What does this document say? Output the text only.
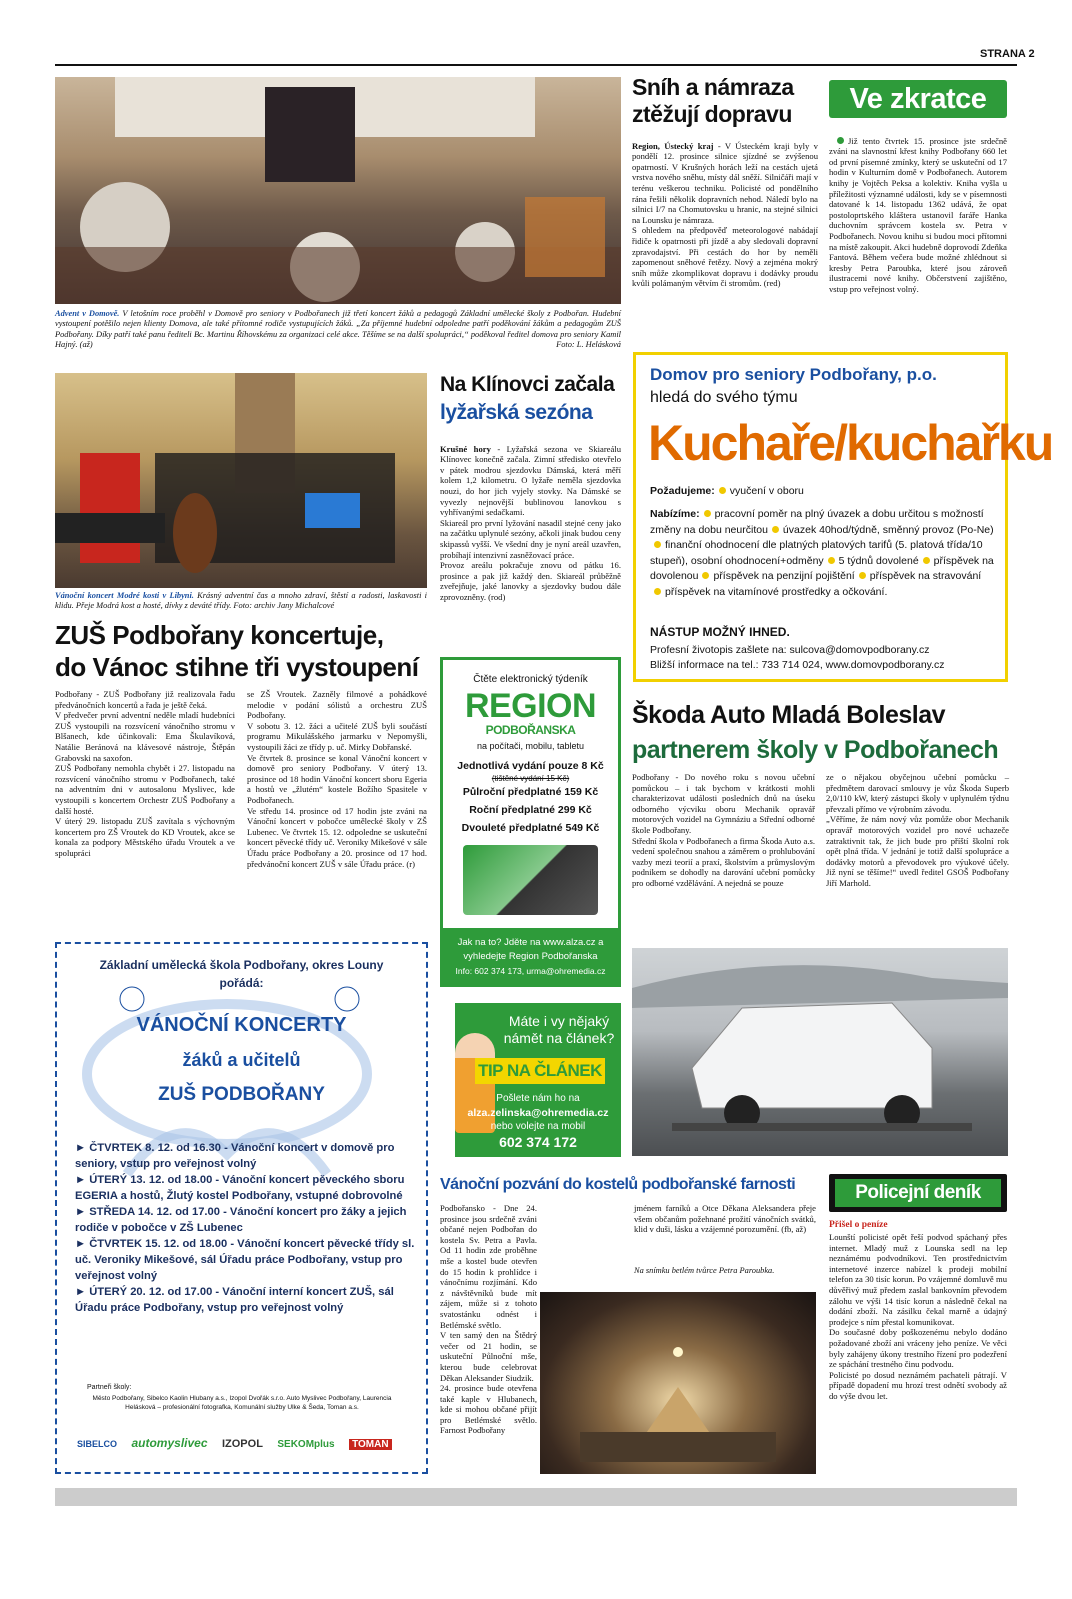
STRANA 2
Advent v Domově. V letošním roce proběhl v Domově pro seniory v Podbořanech již třetí koncert žáků a pedagogů Základní umělecké školy z Podbořan. Hudební vystoupení potěšilo nejen klienty Domova, ale také přítomné rodiče vystupujících žáků. „Za příjemné hudební odpoledne patří poděkování žákům a pedagogům ZUŠ Podbořany. Díky patří také panu řediteli Bc. Martinu Říhovskému za organizaci celé akce. Těšíme se na další spolupráci,“ poděkoval ředitel domova pro seniory Kamil Hajný. (až)	Foto: L. Helásková
Sníh a námraza ztěžují dopravu

Region, Ústecký kraj - V Ústeckém kraji byly v pondělí 12. prosince silnice sjízdné se zvýšenou opatrností. V Krušných horách leží na cestách ujetá vrstva nového sněhu, místy dál sněží. Silničáři mají v terénu veškerou techniku. Policisté od pondělního rána řešili několik dopravních nehod. Náledí bylo na silnici I/7 na Chomutovsku u hranic, na stejné silnici na Lounsku je námraza.
S ohledem na předpověď meteorologové nabádají řidiče k opatrnosti při jízdě a aby sledovali dopravní zpravodajství. Při cestách do hor by neměli zapomenout sněhové řetězy. Nový a zejména mokrý sníh může zkomplikovat dopravu i dodávky proudu kvůli polámaným větvím či stromům. (red)

Ve zkratce

Již tento čtvrtek 15. prosince jste srdečně zváni na slavnostní křest knihy Podbořany 660 let od první písemné zmínky, který se uskuteční od 17 hodin v Kulturním domě v Podbořanech. Autorem knihy je Vojtěch Peksa a kolektiv. Kniha vyšla u příležitosti významné události, kdy se v písemnosti datované k 14. listopadu 1362 udává, že opat postoloprtského kláštera ustanovil faráře Hanka duchovním správcem kostela sv. Petra v Podbořanech. Novou knihu si budou moci přítomni na místě zakoupit. Akci hudebně doprovodí Zdeňka Fantová. Během večera bude možné zhlédnout si kresby Petra Paroubka, které jsou zároveň ilustracemi nové knihy. Občerstvení zajištěno, vstup pro veřejnost volný.

Vánoční koncert Modré kosti v Libyni. Krásný adventní čas a mnoho zdraví, štěstí a radosti, laskavosti i klidu. Přeje Modrá kost a hosté, dívky z deváté třídy. Foto: archiv Jany Michalcové
Na Klínovci začala
lyžařská sezóna

Krušné hory - Lyžařská sezona ve Skiareálu Klínovec konečně začala. Zimní středisko otevřelo v pátek modrou sjezdovku Dámská, která měří kolem 1,2 kilometru. O lyžaře neměla sjezdovka nouzi, do hor jich vyjely stovky. Na Dámské se vyvezly nejnovější bublinovou lanovkou s vyhřívanými sedačkami.
Skiareál pro první lyžování nasadil stejné ceny jako na začátku uplynulé sezóny, ačkoli jinak budou ceny skipassů vyšší. Ve všední dny je nyní areál uzavřen, probíhají intenzivní zasněžovací práce.
Provoz areálu pokračuje znovu od pátku 16. prosince a pak již každý den. Skiareál průběžně zveřejňuje, jaké lanovky a sjezdovky budou dále zprovozněny. (rod)

Domov pro seniory Podbořany, p.o.
hledá do svého týmu
Kuchaře/kuchařku
Požadujeme: vyučení v oboru
Nabízíme: pracovní poměr na plný úvazek a dobu určitou s možností změny na dobu neurčitou úvazek 40hod/týdně, směnný provoz (Po-Ne)finanční ohodnocení dle platných platových tarifů (5. platová třída/10 stupeň), osobní ohodnocení+odměny 5 týdnů dovolené příspěvek na dovolenou příspěvek na penzijní pojištění příspěvek na stravovánípříspěvek na vitamínové prostředky a očkování.
NÁSTUP MOŽNÝ IHNED.
Profesní životopis zašlete na: sulcova@domovpodborany.cz
Bližší informace na tel.: 733 714 024, www.domovpodborany.cz
ZUŠ Podbořany koncertuje,
do Vánoc stihne tři vystoupení
Podbořany - ZUŠ Podbořany již realizovala řadu předvánočních koncertů a řada je ještě čeká.
V předvečer první adventní neděle mladí hudebníci ZUŠ vystoupili na rozsvícení vánočního stromu v Blšanech, kde účinkovali: Ema Škulavíková, Natálie Beránová na klávesové nástroje, Štěpán Grabovski na saxofon.
ZUŠ Podbořany nemohla chybět i 27. listopadu na rozsvícení vánočního stromu v Podbořanech, také na adventním dni v autosalonu Myslivec, kde vystoupili s koncertem Orchestr ZUŠ Podbořany a další hosté.
V úterý 29. listopadu ZUŠ zavítala s výchovným koncertem pro ZŠ Vroutek do KD Vroutek, akce se konala za podpory Městského úřadu Vroutek a ve spolupráci
se ZŠ Vroutek. Zazněly filmové a pohádkové melodie v podání sólistů a orchestru ZUŠ Podbořany.
V sobotu 3. 12. žáci a učitelé ZUŠ byli součástí programu Mikulášského jarmarku v Nepomyšli, vystoupili žáci ze třídy p. uč. Mirky Dobřanské.
Ve čtvrtek 8. prosince se konal Vánoční koncert v domově pro seniory Podbořany. V úterý 13. prosince od 18 hodin Vánoční koncert sboru Egeria a hostů ve „žlutém“ kostele Božího Spasitele v Podbořanech.
Ve středu 14. prosince od 17 hodin jste zváni na Vánoční koncert v pobočce umělecké školy v ZŠ Lubenec. Ve čtvrtek 15. 12. odpoledne se uskuteční koncert pěvecké třídy uč. Veroniky Mikešové v sále Úřadu práce Podbořany a 20. prosince od 17 hod. předvánoční koncert ZUŠ v sále Úřadu práce. (r)
Čtěte elektronický týdeník
REGION
PODBOŘANSKA
na počítači, mobilu, tabletu
Jednotlivá vydání pouze 8 Kč
(tištěné vydání 15 Kč)
Půlroční předplatné 159 Kč
Roční předplatné 299 Kč
Dvouleté předplatné 549 Kč
Jak na to? Jděte na www.alza.cz a vyhledejte Region Podbořanska
Info: 602 374 173, urma@ohremedia.cz
Škoda Auto Mladá Boleslav
partnerem školy v Podbořanech
Podbořany - Do nového roku s novou učební pomůckou – i tak bychom v krátkosti mohli charakterizovat události posledních dnů na úseku odborného výcviku oboru Mechanik opravář motorových vozidel na Gymnáziu a Střední odborné škole Podbořany.
Střední škola v Podbořanech a firma Škoda Auto a.s. vedení společnou snahou a záměrem o prohlubování vazby mezi teorií a praxí, školstvím a průmyslovým podnikem se dohodly na darování učební pomůcky pro odborné vzdělávání. A nejedná se pouze
ze o nějakou obyčejnou učební pomůcku – předmětem darovací smlouvy je vůz Škoda Superb 2,0/110 kW, který zástupci školy v uplynulém týdnu převzali přímo ve výrobním závodu.
„Věříme, že nám nový vůz pomůže obor Mechanik opravář motorových vozidel pro nové uchazeče zatraktivnit tak, že jich bude pro příští školní rok opět plná třída. V jednání je totiž další spolupráce a dodávky motorů a převodovek pro výukové účely. Již nyní se těšíme!“ uvedl ředitel GSOŠ Podbořany Jiří Marhold.
Základní umělecká škola Podbořany, okres Louny
pořádá:
VÁNOČNÍ KONCERTY
žáků a učitelů
ZUŠ PODBOŘANY
► ČTVRTEK 8. 12. od 16.30 - Vánoční koncert v domově pro seniory, vstup pro veřejnost volný
► ÚTERÝ 13. 12. od 18.00 - Vánoční koncert pěveckého sboru EGERIA a hostů, Žlutý kostel Podbořany, vstupné dobrovolné
► STŘEDA 14. 12. od 17.00 - Vánoční koncert pro žáky a jejich rodiče v pobočce v ZŠ Lubenec
► ČTVRTEK 15. 12. od 18.00 - Vánoční koncert pěvecké třídy sl. uč. Veroniky Mikešové, sál Úřadu práce Podbořany, vstup pro veřejnost volný
► ÚTERÝ 20. 12. od 17.00 - Vánoční interní koncert ZUŠ, sál Úřadu práce Podbořany, vstup pro veřejnost volný
Partneři školy:
Město Podbořany, Sibelco Kaolin Hlubany a.s., Izopol Dvořák s.r.o. Auto Myslivec Podbořany, Laurencia Helásková – profesionální fotografka, Komunální služby Ulke & Šeda, Toman a.s.
SIBELCO automyslivec IZOPOL SEKOMplus TOMAN
Máte i vy nějaký námět na článek?
TIP NA ČLÁNEK
Pošlete nám ho na
alza.zelinska@ohremedia.cz
nebo volejte na mobil
602 374 172
Vánoční pozvání do kostelů podbořanské farnosti
Podbořansko - Dne 24. prosince jsou srdečně zváni občané nejen Podbořan do kostela Sv. Petra a Pavla. Od 11 hodin zde proběhne mše a kostel bude otevřen do 15 hodin k prohlídce i vánočnímu rozjímání. Kdo z návštěvníků bude mít zájem, může si z tohoto svatostánku odnést i Betlémské světlo.
V ten samý den na Štědrý večer od 21 hodin, se uskuteční Půlnoční mše, kterou bude celebrovat Děkan Aleksander Siudzik.
24. prosince bude otevřena také kaple v Hlubanech, kde si mohou občané přijít pro Betlémské světlo. Farnost Podbořany
jménem farníků a Otce Děkana Aleksandera přeje všem občanům požehnané prožití vánočních svátků, klid v duši, lásku a vzájemné porozumění. (fb, až)
Na snímku betlém tvůrce Petra Paroubka.
Policejní deník
Přišel o peníze
Lounští policisté opět řeší podvod spáchaný přes internet. Mladý muž z Lounska sedl na lep neznámému podvodníkovi. Ten prostřednictvím internetové inzerce nabízel k prodeji mobilní telefon za 30 tisíc korun. Po vzájemné domluvě mu důvěřivý muž předem zaslal bankovním převodem zálohu ve výši 14 tisíc korun a následně čekal na dodání zboží. Na zásilku čekal marně a údajný prodejce s ním přestal komunikovat.
Do současné doby poškozenému nebylo dodáno požadované zboží ani vráceny jeho peníze. Ve věci byly zahájeny úkony trestního řízení pro podezření ze spáchání trestného činu podvodu.
Policisté po dosud neznámém pachateli pátrají. V případě dopadení mu hrozí trest odnětí svobody až do výše dvou let.
